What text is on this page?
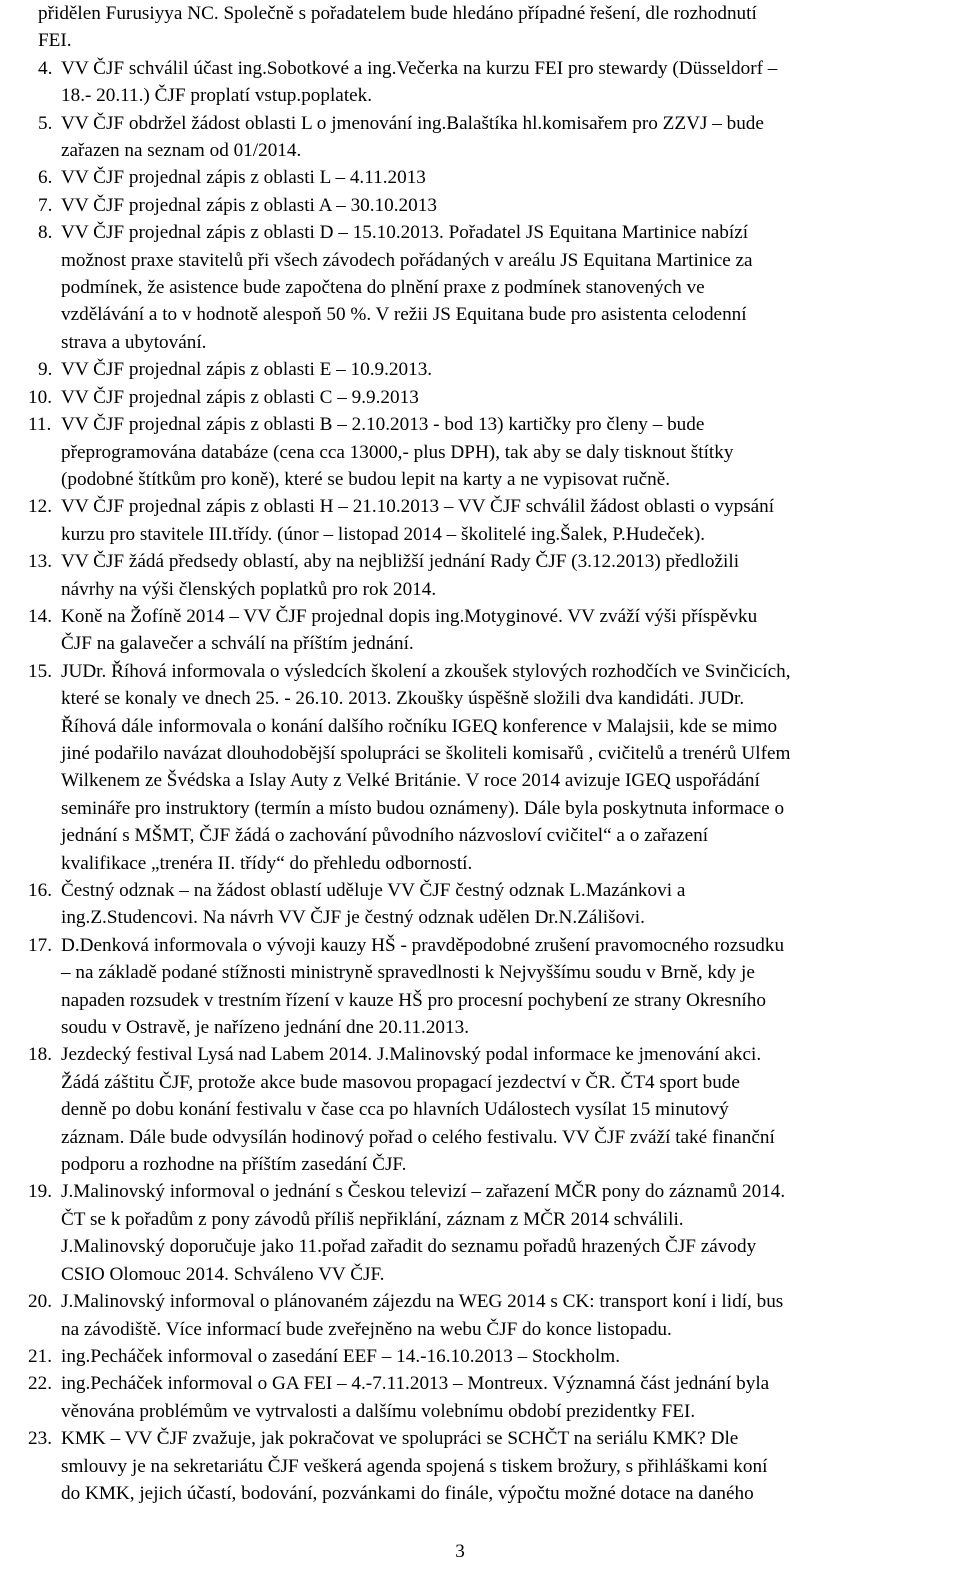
přidělen Furusiyya NC. Společně s pořadatelem bude hledáno případné řešení, dle rozhodnutí
FEI.
4. VV ČJF schválil účast ing.Sobotkové a ing.Večerka na kurzu FEI pro stewardy (Düsseldorf –
18.- 20.11.) ČJF proplatí vstup.poplatek.
5. VV ČJF obdržel žádost oblasti L o jmenování ing.Balaštíka hl.komisařem pro ZZVJ – bude
zařazen na seznam od 01/2014.
6. VV ČJF projednal zápis z oblasti L – 4.11.2013
7. VV ČJF projednal zápis z oblasti A – 30.10.2013
8. VV ČJF projednal zápis z oblasti D – 15.10.2013. Pořadatel JS Equitana Martinice nabízí
možnost praxe stavitelů při všech závodech pořádaných v areálu JS Equitana Martinice za
podmínek, že asistence bude započtena do plnění praxe z podmínek stanovených ve
vzdělávání a to v hodnotě alespoň 50 %. V režii JS Equitana bude pro asistenta celodenní
strava a ubytování.
9. VV ČJF projednal zápis z oblasti E – 10.9.2013.
10. VV ČJF projednal zápis z oblasti C – 9.9.2013
11. VV ČJF projednal zápis z oblasti B – 2.10.2013 - bod 13) kartičky pro členy – bude
přeprogramována databáze (cena cca 13000,- plus DPH), tak aby se daly tisknout štítky
(podobné štítkům pro koně), které se budou lepit na karty a ne vypisovat ručně.
12. VV ČJF projednal zápis z oblasti H – 21.10.2013 – VV ČJF schválil žádost oblasti o vypsání
kurzu pro stavitele III.třídy. (únor – listopad 2014 – školitelé ing.Šalek, P.Hudeček).
13. VV ČJF žádá předsedy oblastí, aby na nejbližší jednání Rady ČJF (3.12.2013) předložili
návrhy na výši členských poplatků pro rok 2014.
14. Koně na Žofíně 2014 – VV ČJF projednal dopis ing.Motyginové. VV zváží výši příspěvku
ČJF na galavečer a schválí na příštím jednání.
15. JUDr. Říhová informovala o výsledcích školení a zkoušek stylových rozhodčích ve Svinčicích,
které se konaly ve dnech 25. - 26.10. 2013. Zkoušky úspěšně složili dva kandidáti. JUDr.
Říhová dále informovala o konání dalšího ročníku IGEQ konference v Malajsii, kde se mimo
jiné podařilo navázat dlouhodobější spolupráci se školiteli komisařů , cvičitelů a trenérů Ulfem
Wilkenem ze Švédska a Islay Auty z Velké Británie. V roce 2014 avizuje IGEQ uspořádání
semináře pro instruktory (termín a místo budou oznámeny). Dále byla poskytnuta informace o
jednání s MŠMT, ČJF žádá o zachování původního názvosloví cvičitel“ a o zařazení
kvalifikace „trenéra II. třídy“ do přehledu odborností.
16. Čestný odznak – na žádost oblastí uděluje VV ČJF čestný odznak L.Mazánkovi a
ing.Z.Studencovi. Na návrh VV ČJF je čestný odznak udělen Dr.N.Zálišovi.
17. D.Denková informovala o vývoji kauzy HŠ - pravděpodobné zrušení pravomocného rozsudku
– na základě podané stížnosti ministryně spravedlnosti k Nejvyššímu soudu v Brně, kdy je
napaden rozsudek v trestním řízení v kauze HŠ pro procesní pochybení ze strany Okresního
soudu v Ostravě, je nařízeno jednání dne 20.11.2013.
18. Jezdecký festival Lysá nad Labem 2014. J.Malinovský podal informace ke jmenování akci.
Žádá záštitu ČJF, protože akce bude masovou propagací jezdectví v ČR. ČT4 sport bude
denně po dobu konání festivalu v čase cca po hlavních Událostech vysílat 15 minutový
záznam. Dále bude odvysílán hodinový pořad o celého festivalu. VV ČJF zváží také finanční
podporu a rozhodne na příštím zasedání ČJF.
19. J.Malinovský informoval o jednání s Českou televizí – zařazení MČR pony do záznamů 2014.
ČT se k pořadům z pony závodů příliš nepřiklání, záznam z MČR 2014 schválili.
J.Malinovský doporučuje jako 11.pořad zařadit do seznamu pořadů hrazených ČJF závody
CSIO Olomouc 2014. Schváleno VV ČJF.
20. J.Malinovský informoval o plánovaném zájezdu na WEG 2014 s CK: transport koní i lidí, bus
na závodiště. Více informací bude zveřejněno na webu ČJF do konce listopadu.
21. ing.Pecháček informoval o zasedání EEF – 14.-16.10.2013 – Stockholm.
22. ing.Pecháček informoval o GA FEI – 4.-7.11.2013 – Montreux. Významná část jednání byla
věnována problémům ve vytrvalosti a dalšímu volebnímu období prezidentky FEI.
23. KMK – VV ČJF zvažuje, jak pokračovat ve spolupráci se SCHČT na seriálu KMK? Dle
smlouvy je na sekretariátu ČJF veškerá agenda spojená s tiskem brožury, s přihláškami koní
do KMK, jejich účastí, bodování, pozvánkami do finále, výpočtu možné dotace na daného

3
